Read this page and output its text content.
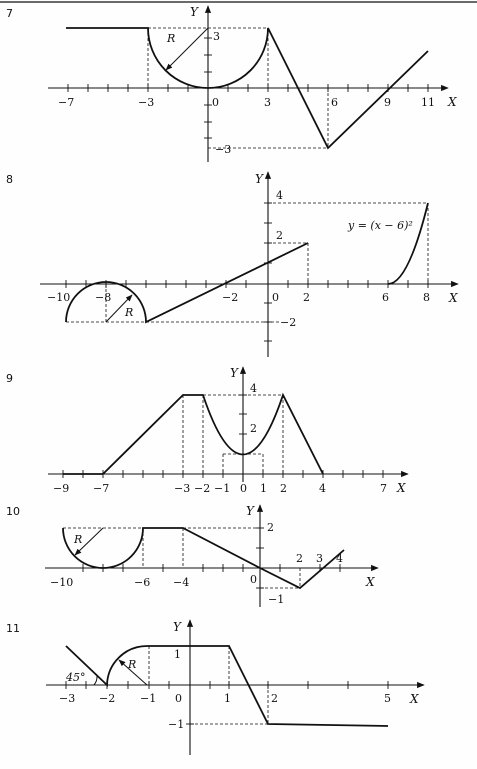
7
X
Y
−7	−3	0	3	6	9	11
3
−3
R
8
X
Y
−10 −8	−2	0 2	6	8
4
2
−2
R
y = (x − 6)²
9
X
Y
−9 −7	−3 −2 −1 0 1 2	4	7
4
2
10
X
Y
−10	−6 −4	0
2 3 4
2
−1
R
11
X
Y
−3 −2 −1 0	1	2	5
1
−1
45°
R
